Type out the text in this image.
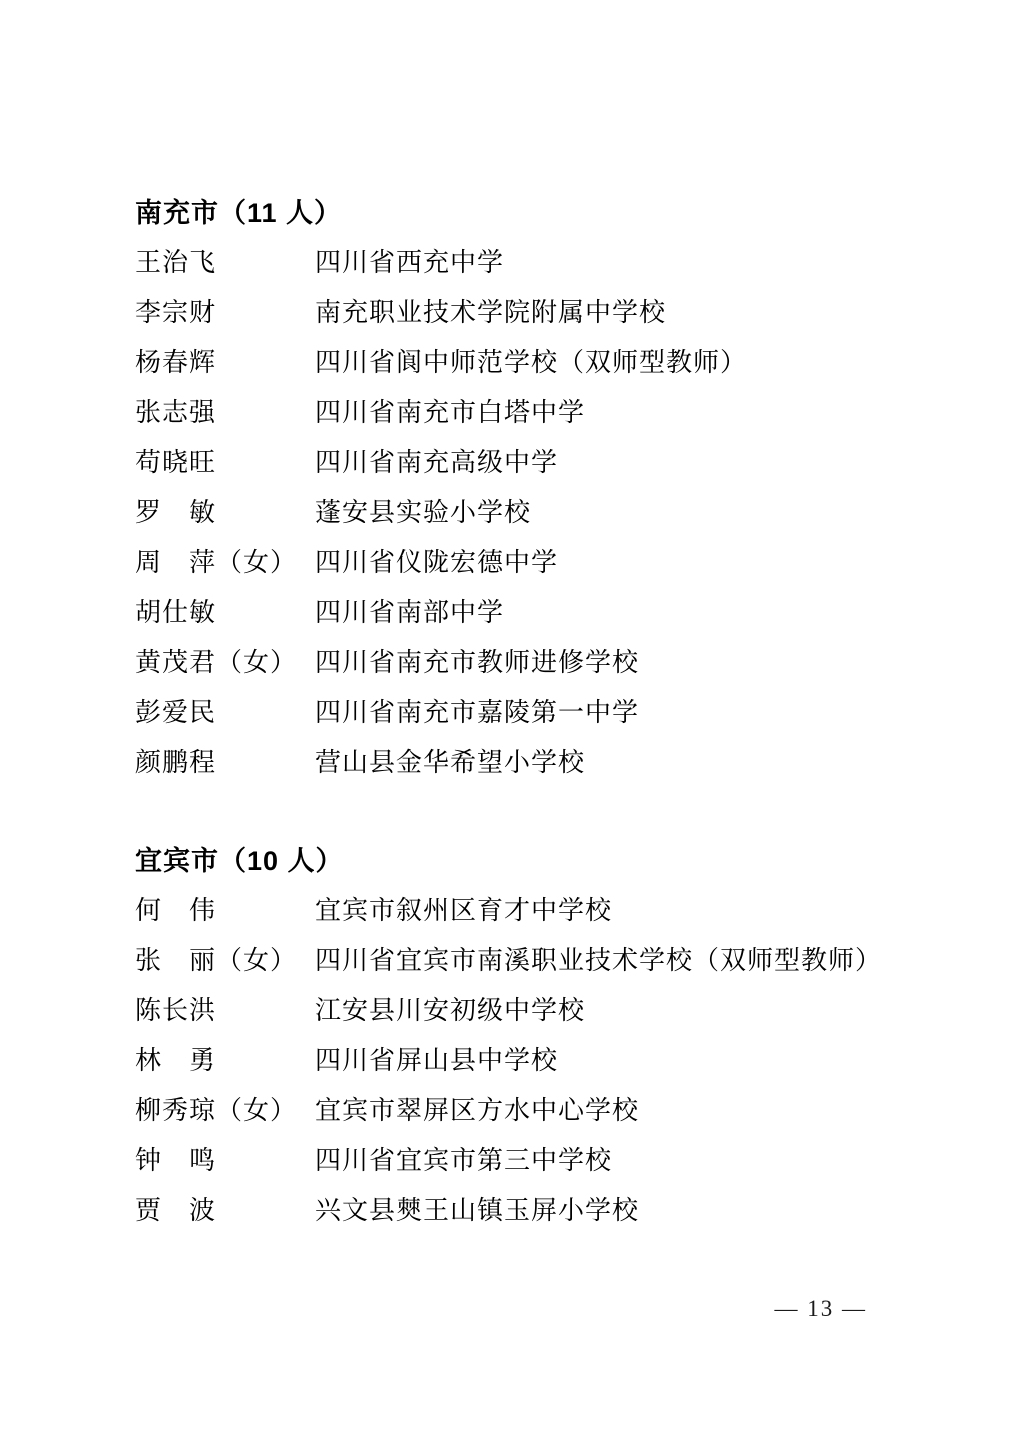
南充市（11 人）
王治飞	四川省西充中学
李宗财	南充职业技术学院附属中学校
杨春辉	四川省阆中师范学校（双师型教师）
张志强	四川省南充市白塔中学
苟晓旺	四川省南充高级中学
罗　敏	蓬安县实验小学校
周　萍（女） 四川省仪陇宏德中学
胡仕敏	四川省南部中学
黄茂君（女） 四川省南充市教师进修学校
彭爱民	四川省南充市嘉陵第一中学
颜鹏程	营山县金华希望小学校
宜宾市（10 人）
何　伟	宜宾市叙州区育才中学校
张　丽（女） 四川省宜宾市南溪职业技术学校（双师型教师）
陈长洪	江安县川安初级中学校
林　勇	四川省屏山县中学校
柳秀琼（女） 宜宾市翠屏区方水中心学校
钟　鸣	四川省宜宾市第三中学校
贾　波	兴文县僰王山镇玉屏小学校
— 13 —
